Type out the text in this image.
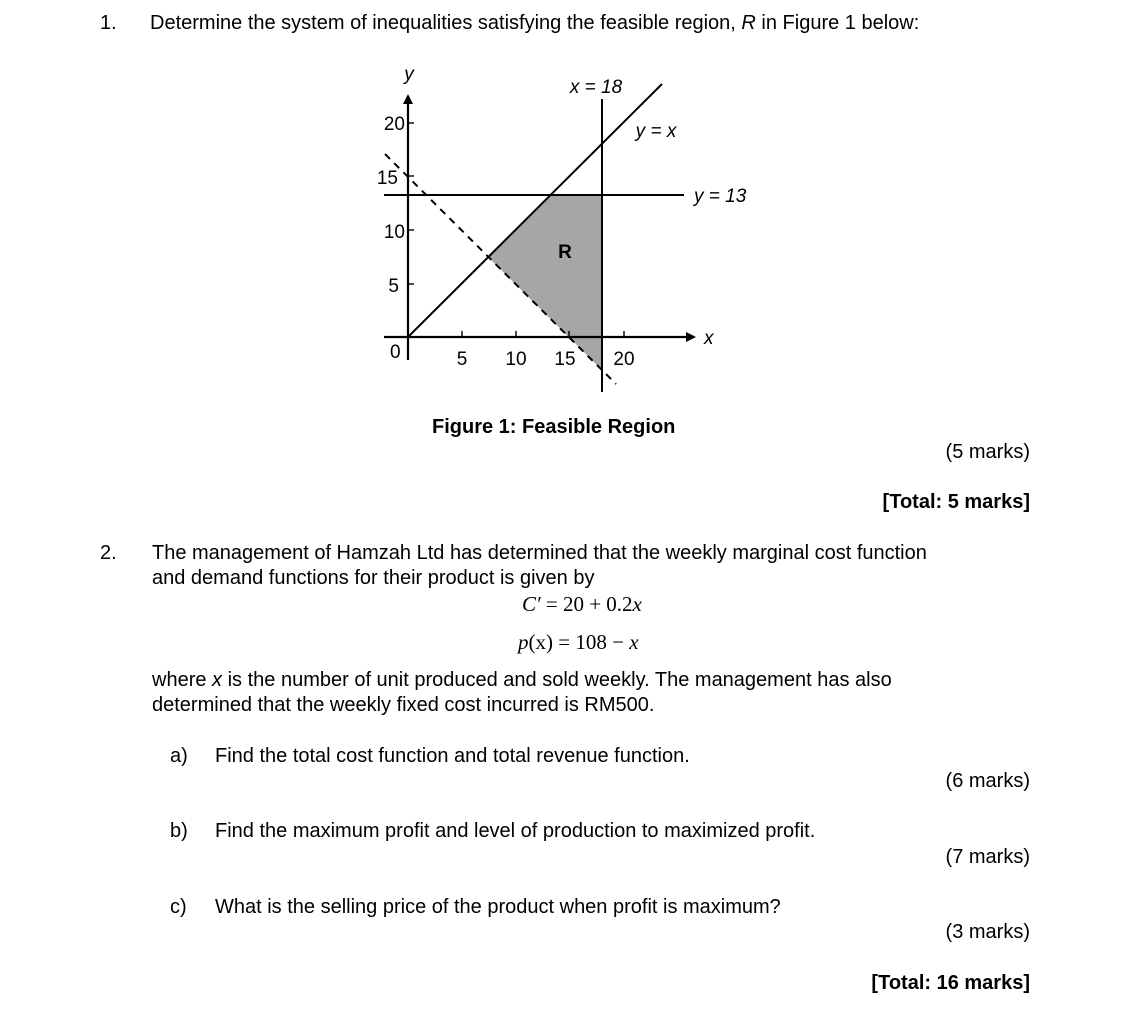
1. Determine the system of inequalities satisfying the feasible region, R in Figure 1 below:
y
x
0
20
15
10
5
5 10 15 20
x = 18
y = x
y = 13
R
Figure 1: Feasible Region
(5 marks)
[Total: 5 marks]
2. The management of Hamzah Ltd has determined that the weekly marginal cost function
and demand functions for their product is given by
C′ = 20 + 0.2x
p(x) = 108 − x
where x is the number of unit produced and sold weekly. The management has also
determined that the weekly fixed cost incurred is RM500.
a) Find the total cost function and total revenue function.
(6 marks)
b) Find the maximum profit and level of production to maximized profit.
(7 marks)
c) What is the selling price of the product when profit is maximum?
(3 marks)
[Total: 16 marks]
